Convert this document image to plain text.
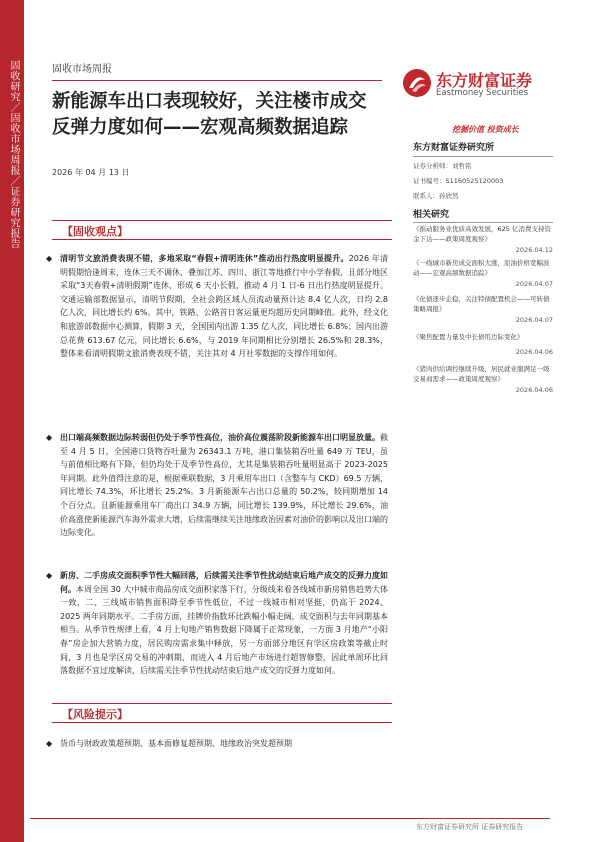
固收研究／固收市场周报／证券研究报告	固收市场周报
新能源车出口表现较好，关注楼市成交反弹力度如何——宏观高频数据追踪
2026 年 04 月 13 日
东方财富证券
Eastmoney Securities
挖掘价值 投资成长
东方财富证券研究所
证券分析师：刘哲铭
证书编号：S1160525120003
联系人：孙欣然
相关研究
《推动服务业优质高效发展，625 亿消费支持资金下达——政策周度观察》
2026.04.12
《一线城市新房成交面积大涨，原油价格宽幅波动——宏观高频数据追踪》
2026.04.07
《化债逐步企稳，关注特债配置机会——可转债策略周报》
2026.04.07
《聚焦配置力量及中长债用边际变化》
2026.04.06
《猪肉供给调控继续升级，居民就业服满足一级交易商需求——政策周度观察》
2026.04.06
【固收观点】
◆ 清明节文旅消费表现不错，多地采取“春假+清明连休”推动出行热度明显提升。2026 年清明假期恰逢周末，连休三天不调休，叠加江苏、四川、浙江等地推行中小学春假，且部分地区采取“3天春假+清明假期”连休，形成 6 天小长假，推动 4 月 1 日-6 日出行热度明显提升。交通运输部数据显示，清明节假期，全社会跨区域人员流动量预计达 8.4 亿人次，日均 2.8 亿人次，同比增长约 6%。其中，铁路、公路首日客运量更均超历史同期峰值。此外，经文化和旅游部数据中心测算，假期 3 天，全国国内出游 1.35 亿人次，同比增长 6.8%；国内出游总花费 613.67 亿元，同比增长 6.6%，与 2019 年同期相比分别增长 26.5%和 28.3%，整体来看清明假期文旅消费表现不错，关注其对 4 月社零数据的支撑作用如何。
◆ 出口端高频数据边际转弱但仍处于季节性高位，油价高位震荡阶段新能源车出口明显放量。截至 4 月 5 日，全国港口货物吞吐量为 26343.1 万吨，港口集装箱吞吐量 649 万 TEU，虽与前值相比略有下降，但仍均处于及季节性高位，尤其是集装箱吞吐量明显高于 2023-2025 年同期。此外值得注意的是，根据乘联数据，3 月乘用车出口（含整车与 CKD）69.5 万辆，同比增长 74.3%，环比增长 25.2%。3 月新能源车占出口总量的 50.2%，较同期增加 14 个百分点。且新能源乘用车厂商出口 34.9 万辆，同比增长 139.9%，环比增长 29.6%，油价高涨使新能源汽车海外需求大增，后续需继续关注地缘政治因素对油价的影响以及出口端的边际变化。
◆ 新房、二手房成交面积季节性大幅回落，后续需关注季节性扰动结束后地产成交的反弹力度如何。本周全国 30 大中城市商品房成交面积家落下行，分级线来看各线城市新房销售趋势大体一致，二、三线城市销售面积降至季节性低位，不过一线城市相对坚挺，仍高于 2024、2025 两年同期水平。二手房方面，挂牌价指数环比跌幅小幅走阔，成交面积与去年同期基本相当。从季节性规律上看，4 月上旬地产销售数据下降属于正常现象，一方面 3 月地产“小阳春”房企加大营销力度，居民购房需求集中释放，另一方面部分地区有学区房政策等截止时间，3 月也是学区房交易的冲刺期，而进入 4 月后地产市场进行超智修整，因此单周环比回落数据不宜过度解读，后续需关注季节性扰动结束后地产成交的反弹力度如何。
【风险提示】
◆ 货币与财政政策超预期、基本面修复超预期、地缘政治突发超预期
东方财富证券研究所 证券研究报告
